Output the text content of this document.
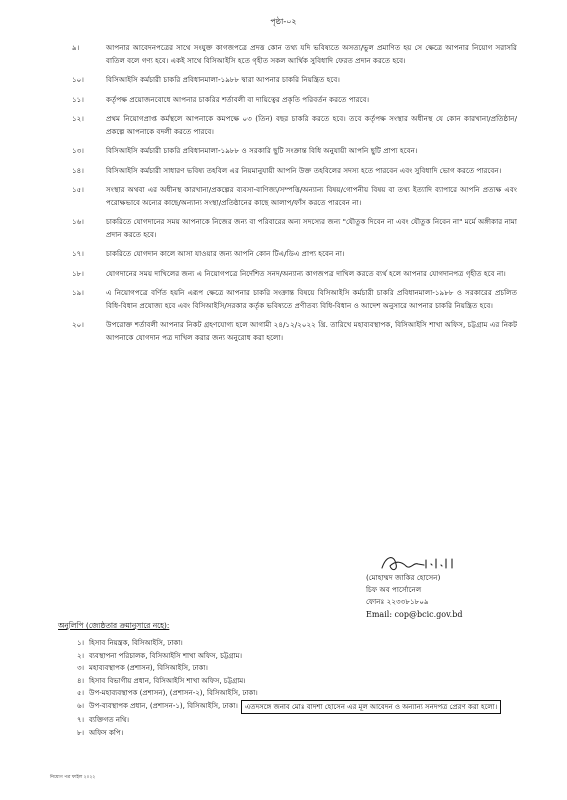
পৃষ্ঠা-০২
৯।	আপনার আবেদনপত্রের সাথে সংযুক্ত কাগজপত্রে প্রদত্ত কোন তথ্য যদি ভবিষ্যতে অসত্য/ভুল প্রমাণিত হয় সে ক্ষেত্রে আপনার নিয়োগ সরাসরি বাতিল বলে গণ্য হবে। একই সাথে বিসিআইসি হতে গৃহীত সকল আর্থিক সুবিধাদি ফেরত প্রদান করতে হবে।
১০।	বিসিআইসি কর্মচারী চাকরি প্রবিধানমালা-১৯৮৮ দ্বারা আপনার চাকরি নিয়ন্ত্রিত হবে।
১১।	কর্তৃপক্ষ প্রয়োজনবোধে আপনার চাকরির শর্তাবলী বা দায়িত্বের প্রকৃতি পরিবর্তন করতে পারবে।
১২।	প্রথম নিয়োগপ্রাপ্ত কর্মস্থলে আপনাকে কমপক্ষে ০৩ (তিন) বছর চাকরি করতে হবে। তবে কর্তৃপক্ষ সংস্থার অধীনস্থ যে কোন কারখানা/প্রতিষ্ঠান/প্রকল্পে আপনাকে বদলী করতে পারবে।
১৩।	বিসিআইসি কর্মচারী চাকরি প্রবিধানমালা-১৯৮৮ ও সরকারি ছুটি সংক্রান্ত বিধি অনুযায়ী আপনি ছুটি প্রাপ্য হবেন।
১৪।	বিসিআইসি কর্মচারী সাধারণ ভবিষ্য তহবিল এর নিয়মানুযায়ী আপনি উক্ত তহবিলের সদস্য হতে পারবেন এবং সুবিধাদি ভোগ করতে পারবেন।
১৫।	সংস্থার অথবা এর অধীনস্থ কারখানা/প্রকল্পের ব্যবসা-বাণিজ্য/সম্পত্তি/অন্যান্য বিষয়/গোপনীয় বিষয় বা তথ্য ইত্যাদি ব্যাপারে আপনি প্রত্যক্ষ এবং পরোক্ষভাবে অন্যের কাছে/অন্যান্য সংস্থা/প্রতিষ্ঠানের কাছে আলাপ/ফাঁস করতে পারবেন না।
১৬।	চাকরিতে যোগদানের সময় আপনাকে নিজের জন্য বা পরিবারের অন্য সদস্যের জন্য "যৌতুক দিবেন না এবং যৌতুক নিবেন না" মর্মে অঙ্গীকার নামা প্রদান করতে হবে।
১৭।	চাকরিতে যোগদান কালে আসা যাওয়ার জন্য আপনি কোন টিএ/ডিএ প্রাপ্য হবেন না।
১৮।	যোগদানের সময় দাখিলের জন্য এ নিয়োগপত্রে নির্দেশিত সনদ/অন্যান্য কাগজপত্র দাখিল করতে ব্যর্থ হলে আপনার যোগদানপত্র গৃহীত হবে না।
১৯।	এ নিয়োগপত্রে বর্ণিত হয়নি এরূপ ক্ষেত্রে আপনার চাকরি সংক্রান্ত বিষয়ে বিসিআইসি কর্মচারী চাকরি প্রবিধানমালা-১৯৮৮ ও সরকারের প্রচলিত বিধি-বিধান প্রযোজ্য হবে এবং বিসিআইসি/সরকার কর্তৃক ভবিষ্যতে প্রণীতব্য বিধি-বিধান ও আদেশ অনুসারে আপনার চাকরি নিয়ন্ত্রিত হবে।
২০।	উপরোক্ত শর্তাবলী আপনার নিকট গ্রহণযোগ্য হলে আগামী ২৪/১২/২০২২ খ্রি. তারিখে মহাব্যবস্থাপক, বিসিআইসি শাখা অফিস, চট্টগ্রাম এর নিকট আপনাকে যোগদান পত্র দাখিল করার জন্য অনুরোধ করা হলো।
(মোহাম্মদ জাকির হোসেন)
চিফ অব পার্সোনেল
ফোনঃ ২২৩৩৮১৮০৯
Email: cop@bcic.gov.bd
অনুলিপি (জ্যেষ্ঠতার ক্রমানুসারে নহে):
১। হিসাব নিয়ন্ত্রক, বিসিআইসি, ঢাকা।
২। ব্যবস্থাপনা পরিচালক, বিসিআইসি শাখা অফিস, চট্টগ্রাম।
৩। মহাব্যবস্থাপক (প্রশাসন), বিসিআইসি, ঢাকা।
৪। হিসাব বিভাগীয় প্রধান, বিসিআইসি শাখা অফিস, চট্টগ্রাম।
৫। উপ-মহাব্যবস্থাপক (প্রশাসন), (প্রশাসন-২), বিসিআইসি, ঢাকা।
৬। উপ-ব্যবস্থাপক প্রধান, (প্রশাসন-১), বিসিআইসি, ঢাকা।	এতদসঙ্গে জনাব মোঃ বাদশা হোসেন এর মূল আবেদন ও অন্যান্য সনদপত্র প্রেরণ করা হলো।
৭। ব্যক্তিগত নথি।
৮। অফিস কপি।
নিয়োগ পত্র ফাইল ২০২২
